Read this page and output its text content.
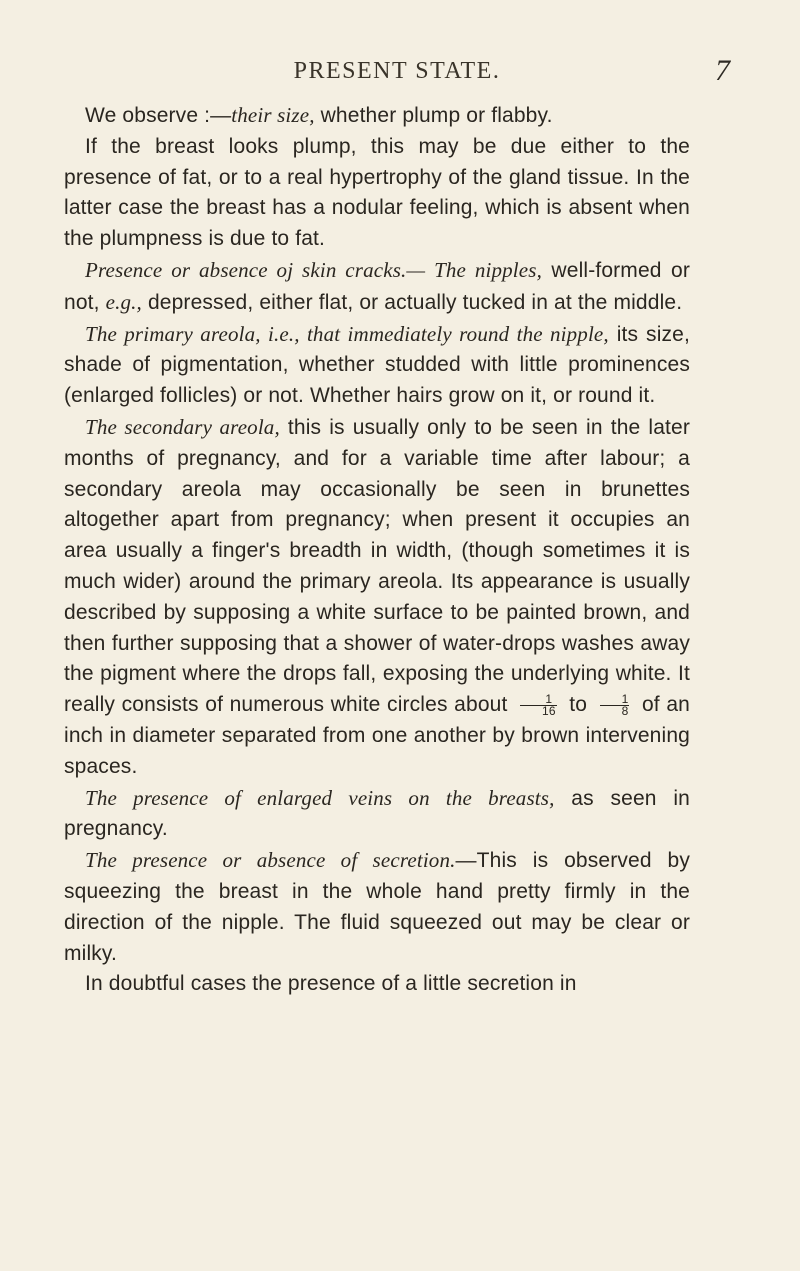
PRESENT STATE.	7

We observe :—their size, whether plump or flabby.

If the breast looks plump, this may be due either to the presence of fat, or to a real hypertrophy of the gland tissue. In the latter case the breast has a nodular feeling, which is absent when the plumpness is due to fat.

Presence or absence oj skin cracks.— The nipples, well-formed or not, e.g., depressed, either flat, or actually tucked in at the middle.

The primary areola, i.e., that immediately round the nipple, its size, shade of pigmentation, whether studded with little prominences (enlarged follicles) or not. Whether hairs grow on it, or round it.

The secondary areola, this is usually only to be seen in the later months of pregnancy, and for a variable time after labour; a secondary areola may occasionally be seen in brunettes altogether apart from pregnancy; when present it occupies an area usually a finger's breadth in width, (though sometimes it is much wider) around the primary areola. Its appearance is usually described by supposing a white surface to be painted brown, and then further supposing that a shower of water-drops washes away the pigment where the drops fall, exposing the underlying white. It really consists of numerous white circles about $\frac{1}{16}$ to $\frac{1}{8}$ of an inch in diameter separated from one another by brown intervening spaces.

The presence of enlarged veins on the breasts, as seen in pregnancy.

The presence or absence of secretion.—This is observed by squeezing the breast in the whole hand pretty firmly in the direction of the nipple. The fluid squeezed out may be clear or milky.

In doubtful cases the presence of a little secretion in
